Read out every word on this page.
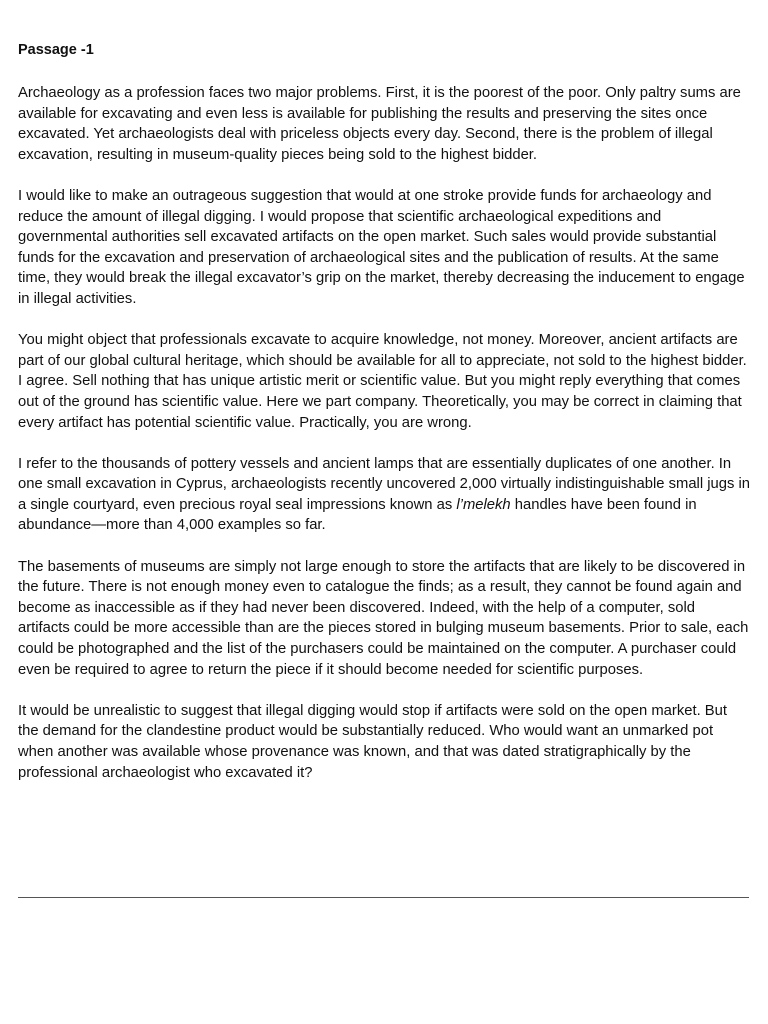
Passage -1

Archaeology as a profession faces two major problems. First, it is the poorest of the poor. Only paltry sums are available for excavating and even less is available for publishing the results and preserving the sites once excavated. Yet archaeologists deal with priceless objects every day. Second, there is the problem of illegal excavation, resulting in museum-quality pieces being sold to the highest bidder.

I would like to make an outrageous suggestion that would at one stroke provide funds for archaeology and reduce the amount of illegal digging. I would propose that scientific archaeological expeditions and governmental authorities sell excavated artifacts on the open market. Such sales would provide substantial funds for the excavation and preservation of archaeological sites and the publication of results. At the same time, they would break the illegal excavator’s grip on the market, thereby decreasing the inducement to engage in illegal activities.

You might object that professionals excavate to acquire knowledge, not money. Moreover, ancient artifacts are part of our global cultural heritage, which should be available for all to appreciate, not sold to the highest bidder. I agree. Sell nothing that has unique artistic merit or scientific value. But you might reply everything that comes out of the ground has scientific value. Here we part company. Theoretically, you may be correct in claiming that every artifact has potential scientific value. Practically, you are wrong.

I refer to the thousands of pottery vessels and ancient lamps that are essentially duplicates of one another. In one small excavation in Cyprus, archaeologists recently uncovered 2,000 virtually indistinguishable small jugs in a single courtyard, even precious royal seal impressions known as l’melekh handles have been found in abundance—more than 4,000 examples so far.

The basements of museums are simply not large enough to store the artifacts that are likely to be discovered in the future. There is not enough money even to catalogue the finds; as a result, they cannot be found again and become as inaccessible as if they had never been discovered. Indeed, with the help of a computer, sold artifacts could be more accessible than are the pieces stored in bulging museum basements. Prior to sale, each could be photographed and the list of the purchasers could be maintained on the computer. A purchaser could even be required to agree to return the piece if it should become needed for scientific purposes.

It would be unrealistic to suggest that illegal digging would stop if artifacts were sold on the open market. But the demand for the clandestine product would be substantially reduced. Who would want an unmarked pot when another was available whose provenance was known, and that was dated stratigraphically by the professional archaeologist who excavated it?
